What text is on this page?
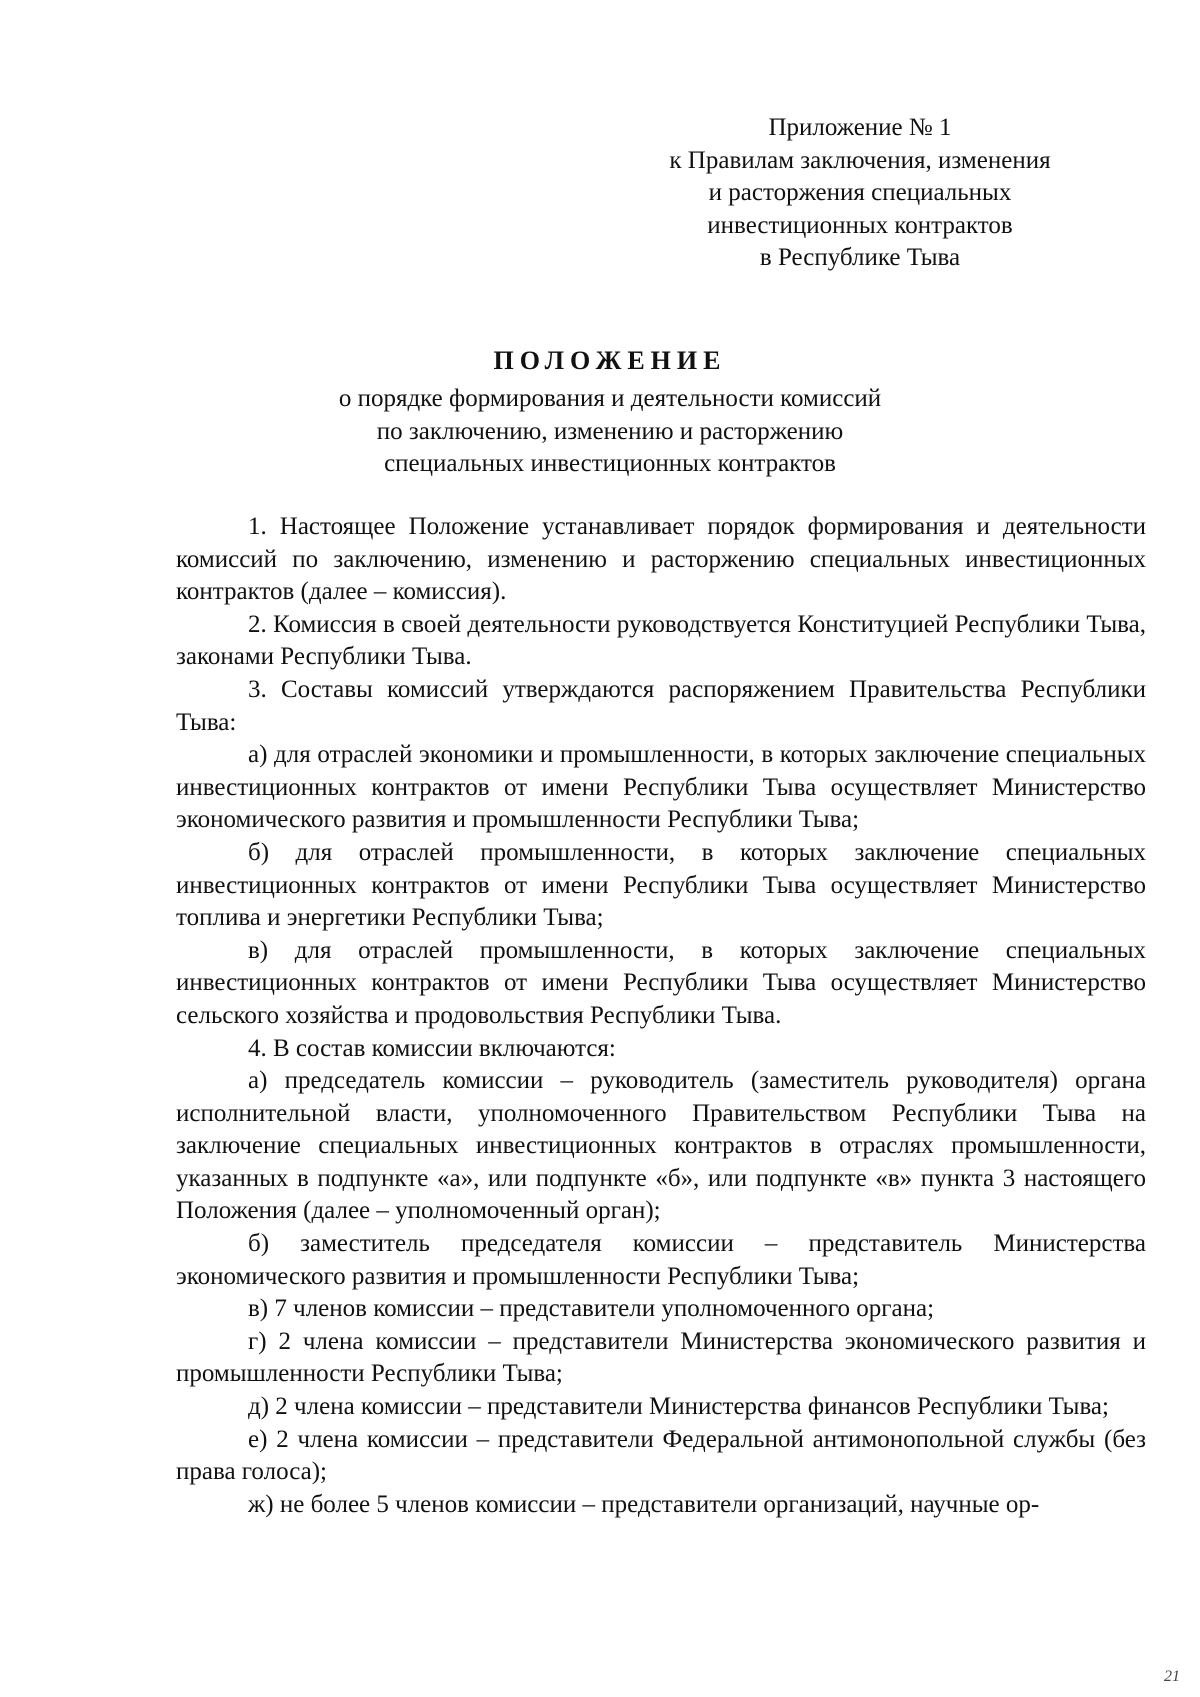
Приложение № 1
к Правилам заключения, изменения
и расторжения специальных
инвестиционных контрактов
в Республике Тыва
ПОЛОЖЕНИЕ
о порядке формирования и деятельности комиссий
по заключению, изменению и расторжению
специальных инвестиционных контрактов

1. Настоящее Положение устанавливает порядок формирования и деятельности комиссий по заключению, изменению и расторжению специальных инвестиционных контрактов (далее – комиссия).

2. Комиссия в своей деятельности руководствуется Конституцией Республики Тыва, законами Республики Тыва.

3. Составы комиссий утверждаются распоряжением Правительства Республики Тыва:

а) для отраслей экономики и промышленности, в которых заключение специальных инвестиционных контрактов от имени Республики Тыва осуществляет Министерство экономического развития и промышленности Республики Тыва;

б) для отраслей промышленности, в которых заключение специальных инвестиционных контрактов от имени Республики Тыва осуществляет Министерство топлива и энергетики Республики Тыва;

в) для отраслей промышленности, в которых заключение специальных инвестиционных контрактов от имени Республики Тыва осуществляет Министерство сельского хозяйства и продовольствия Республики Тыва.

4. В состав комиссии включаются:

а) председатель комиссии – руководитель (заместитель руководителя) органа исполнительной власти, уполномоченного Правительством Республики Тыва на заключение специальных инвестиционных контрактов в отраслях промышленности, указанных в подпункте «а», или подпункте «б», или подпункте «в» пункта 3 настоящего Положения (далее – уполномоченный орган);

б) заместитель председателя комиссии – представитель Министерства экономического развития и промышленности Республики Тыва;

в) 7 членов комиссии – представители уполномоченного органа;

г) 2 члена комиссии – представители Министерства экономического развития и промышленности Республики Тыва;

д) 2 члена комиссии – представители Министерства финансов Республики Тыва;

е) 2 члена комиссии – представители Федеральной антимонопольной службы (без права голоса);

ж) не более 5 членов комиссии – представители организаций, научные ор-

21
